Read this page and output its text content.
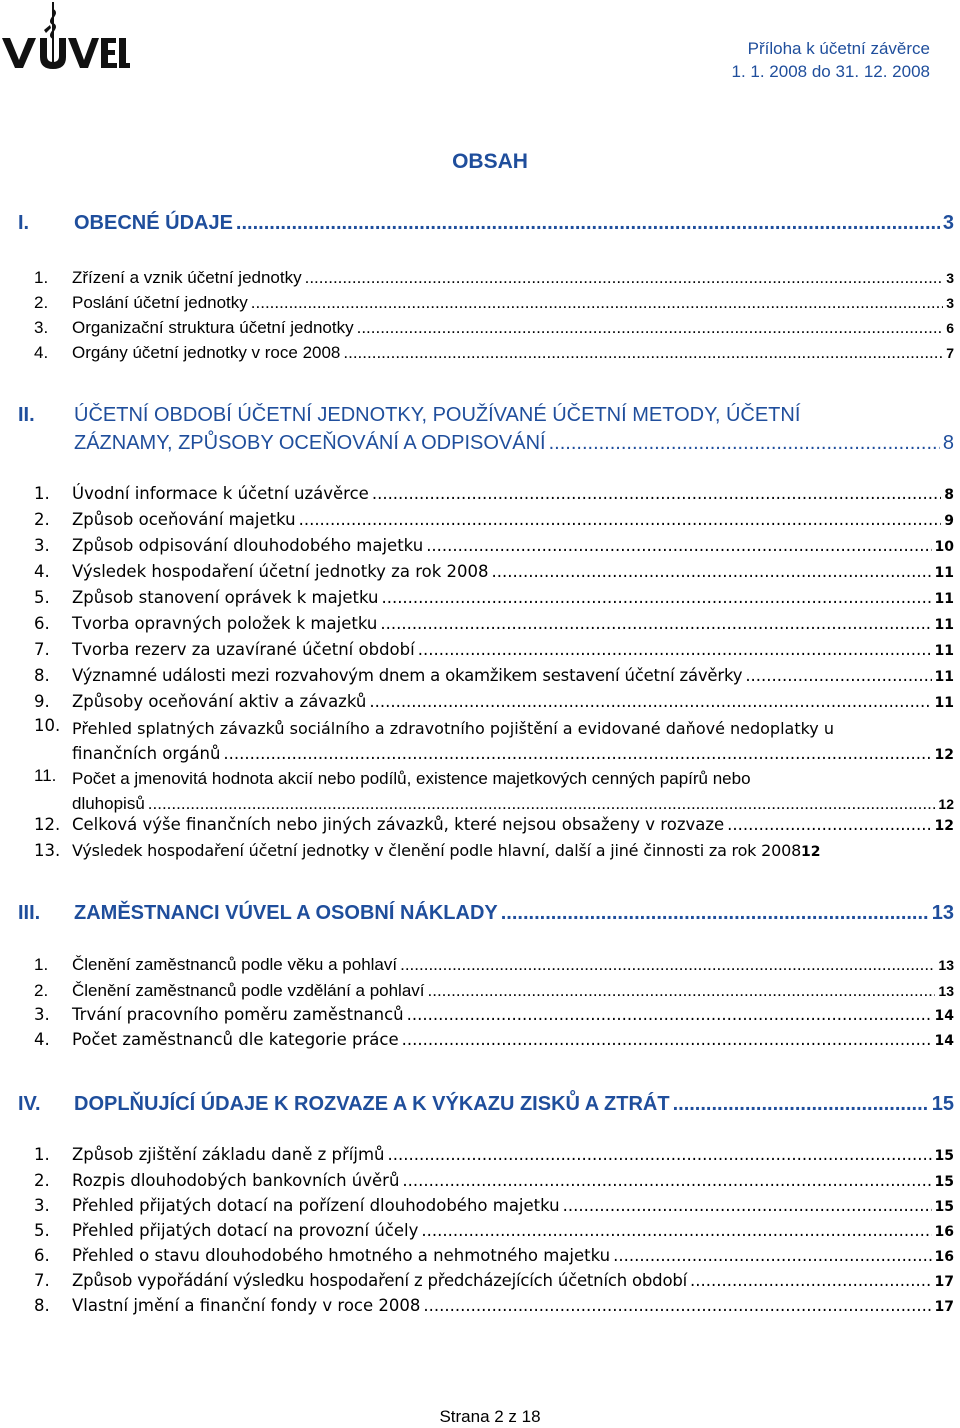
VÚVEL
Příloha k účetní závěrce
1. 1. 2008 do 31. 12. 2008
OBSAH
I.	OBECNÉ ÚDAJE .....	3
1.	Zřízení a vznik účetní jednotky .....	3
2.	Poslání účetní jednotky .....	3
3.	Organizační struktura účetní jednotky .....	6
4.	Orgány účetní jednotky v roce 2008 .....	7
II.	ÚČETNÍ OBDOBÍ ÚČETNÍ JEDNOTKY, POUŽÍVANÉ ÚČETNÍ METODY, ÚČETNÍ
ZÁZNAMY, ZPŮSOBY OCEŇOVÁNÍ A ODPISOVÁNÍ .....	8
1.	Úvodní informace k účetní uzávěrce .....	8
2.	Způsob oceňování majetku .....	9
3.	Způsob odpisování dlouhodobého majetku .....	10
4.	Výsledek hospodaření účetní jednotky za rok 2008 .....	11
5.	Způsob stanovení oprávek k majetku .....	11
6.	Tvorba opravných položek k majetku .....	11
7.	Tvorba rezerv za uzavírané účetní období .....	11
8.	Významné události mezi rozvahovým dnem a okamžikem sestavení účetní závěrky .....	11
9.	Způsoby oceňování aktiv a závazků .....	11
10. Přehled splatných závazků sociálního a zdravotního pojištění a evidované daňové nedoplatky u
finančních orgánů .....	12
11. Počet a jmenovitá hodnota akcií nebo podílů, existence majetkových cenných papírů nebo
dluhopisů .....	12
12. Celková výše finančních nebo jiných závazků, které nejsou obsaženy v rozvaze .....	12
13. Výsledek hospodaření účetní jednotky v členění podle hlavní, další a jiné činnosti za rok 2008 12
III.	ZAMĚSTNANCI VÚVEL A OSOBNÍ NÁKLADY .....	13
1.	Členění zaměstnanců podle věku a pohlaví .....	13
2.	Členění zaměstnanců podle vzdělání a pohlaví .....	13
3.	Trvání pracovního poměru zaměstnanců .....	14
4.	Počet zaměstnanců dle kategorie práce .....	14
IV.	DOPLŇUJÍCÍ ÚDAJE K ROZVAZE A K VÝKAZU ZISKŮ A ZTRÁT .....	15
1.	Způsob zjištění základu daně z příjmů .....	15
2.	Rozpis dlouhodobých bankovních úvěrů .....	15
3.	Přehled přijatých dotací na pořízení dlouhodobého majetku .....	15
5.	Přehled přijatých dotací na provozní účely .....	16
6.	Přehled o stavu dlouhodobého hmotného a nehmotného majetku .....	16
7.	Způsob vypořádání výsledku hospodaření z předcházejících účetních období .....	17
8.	Vlastní jmění a finanční fondy v roce 2008 .....	17
Strana 2 z 18
